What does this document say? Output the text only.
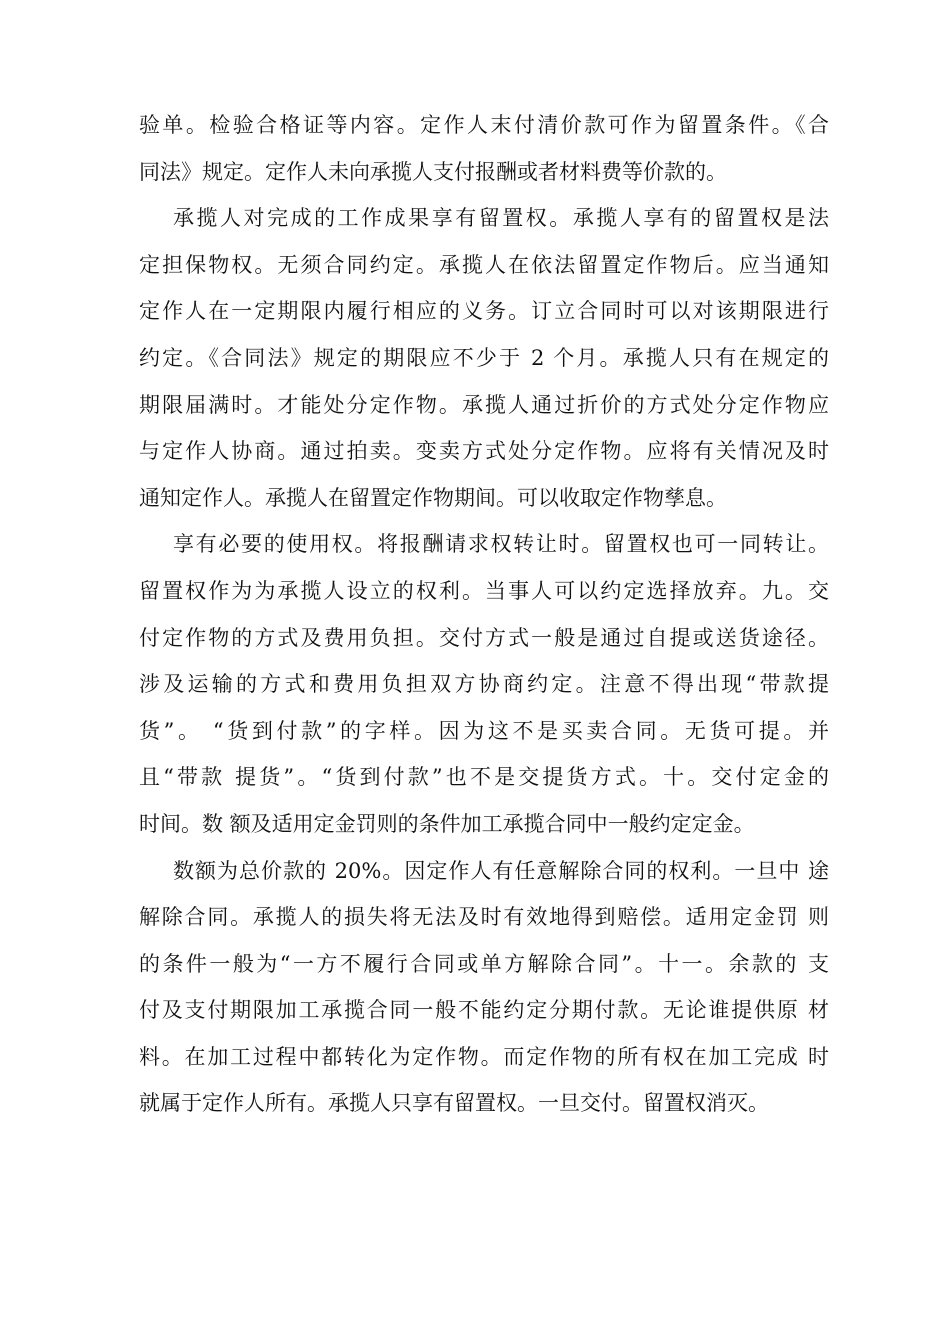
验单。检验合格证等内容。定作人末付清价款可作为留置条件。《合
同法》规定。定作人未向承揽人支付报酬或者材料费等价款的。
承揽人对完成的工作成果享有留置权。承揽人享有的留置权是法
定担保物权。无须合同约定。承揽人在依法留置定作物后。应当通知
定作人在一定期限内履行相应的义务。订立合同时可以对该期限进行
约定。《合同法》规定的期限应不少于 2 个月。承揽人只有在规定的
期限届满时。才能处分定作物。承揽人通过折价的方式处分定作物应
与定作人协商。通过拍卖。变卖方式处分定作物。应将有关情况及时
通知定作人。承揽人在留置定作物期间。可以收取定作物孳息。
享有必要的使用权。将报酬请求权转让时。留置权也可一同转让。
留置权作为为承揽人设立的权利。当事人可以约定选择放弃。九。交
付定作物的方式及费用负担。交付方式一般是通过自提或送货途径。
涉及运输的方式和费用负担双方协商约定。注意不得出现“带款提
货”。 “货到付款”的字样。因为这不是买卖合同。无货可提。并
且“带款 提货”。“货到付款”也不是交提货方式。十。交付定金的
时间。数 额及适用定金罚则的条件加工承揽合同中一般约定定金。
数额为总价款的 20%。因定作人有任意解除合同的权利。一旦中 途
解除合同。承揽人的损失将无法及时有效地得到赔偿。适用定金罚 则
的条件一般为“一方不履行合同或单方解除合同”。十一。余款的 支
付及支付期限加工承揽合同一般不能约定分期付款。无论谁提供原 材
料。在加工过程中都转化为定作物。而定作物的所有权在加工完成 时
就属于定作人所有。承揽人只享有留置权。一旦交付。留置权消灭。
